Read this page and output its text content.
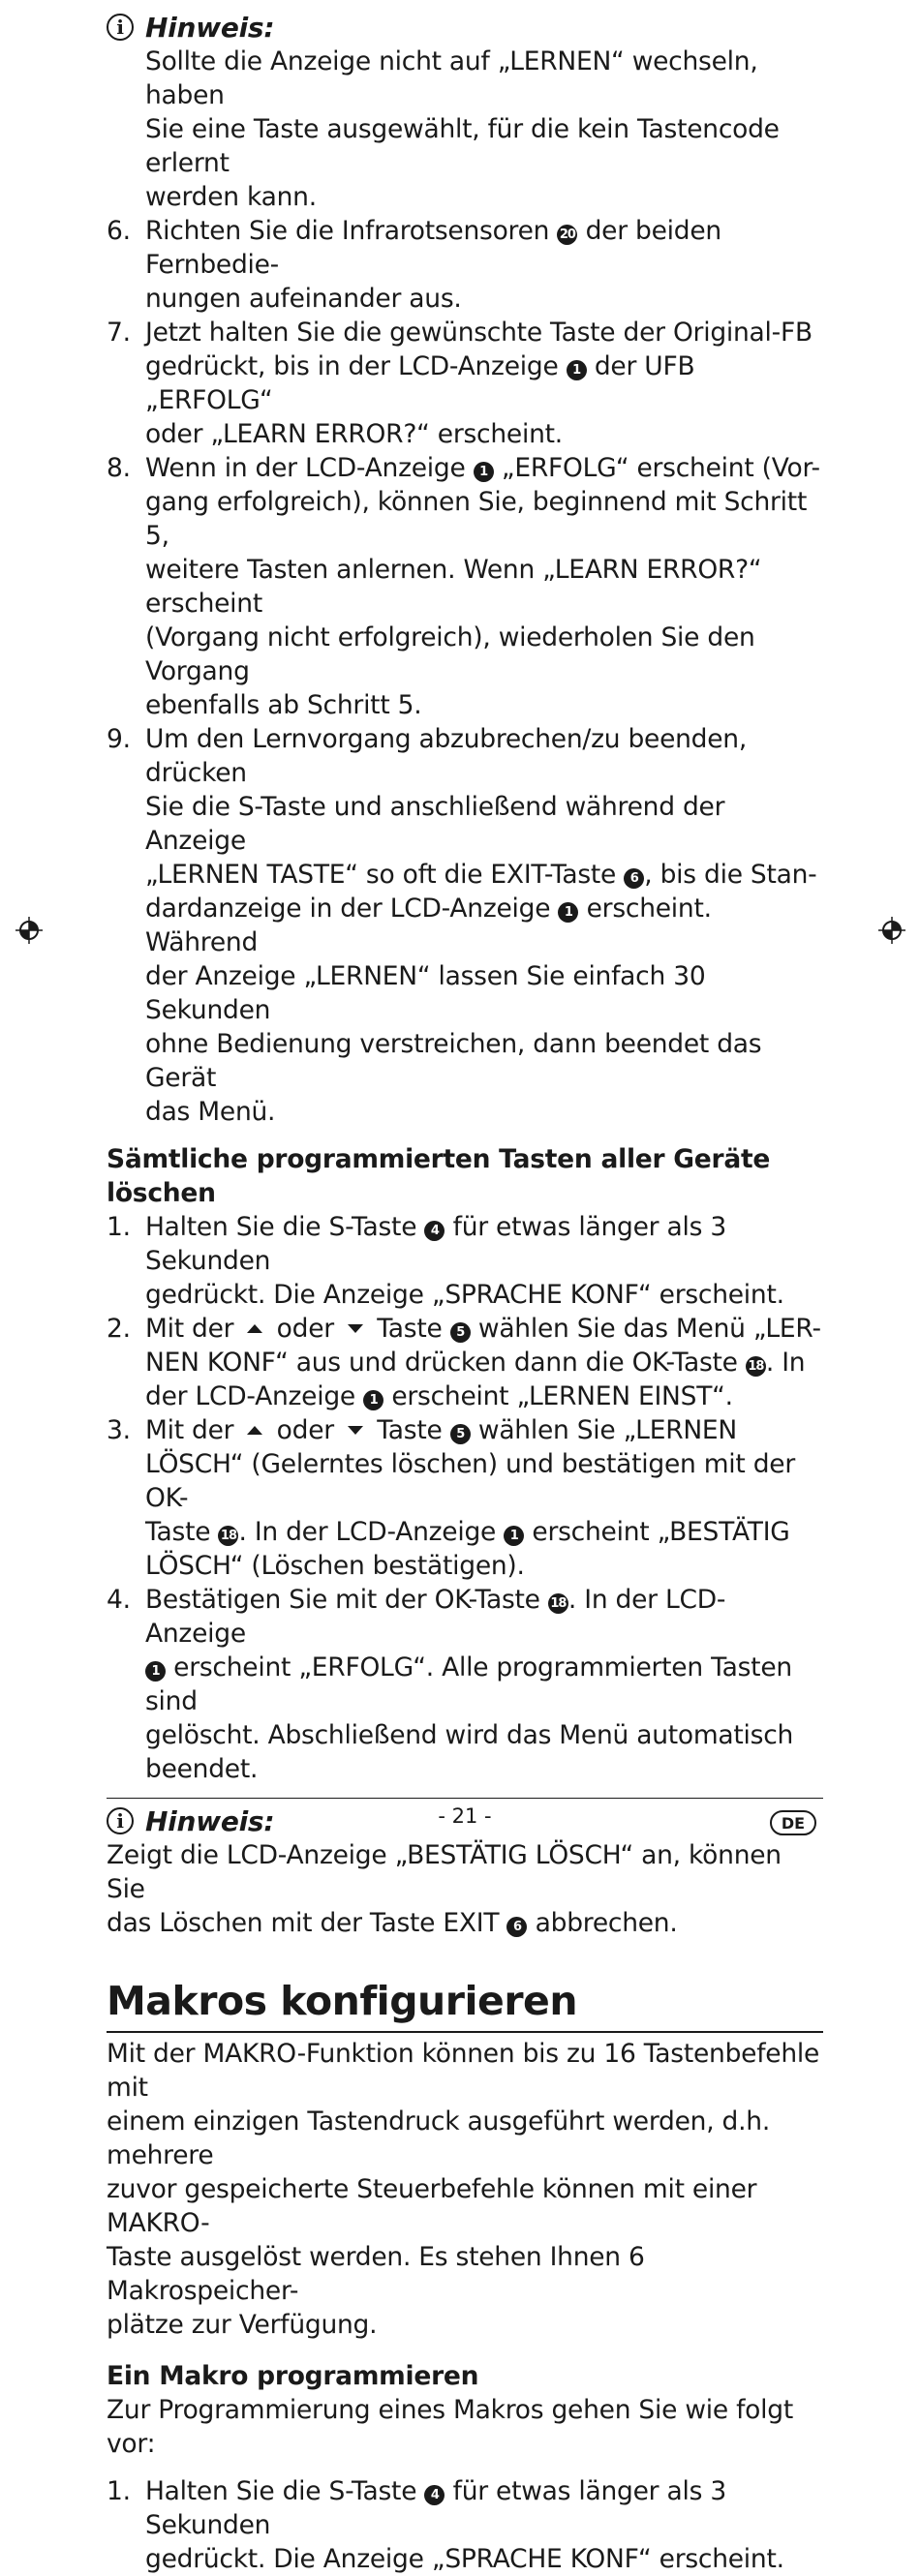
i Hinweis:
Sollte die Anzeige nicht auf „LERNEN“ wechseln, haben
Sie eine Taste ausgewählt, für die kein Tastencode erlernt
werden kann.
6. Richten Sie die Infrarotsensoren 20 der beiden Fernbedie-
nungen aufeinander aus.
7. Jetzt halten Sie die gewünschte Taste der Original-FB
gedrückt, bis in der LCD-Anzeige 1 der UFB „ERFOLG“
oder „LEARN ERROR?“ erscheint.
8. Wenn in der LCD-Anzeige 1 „ERFOLG“ erscheint (Vor-
gang erfolgreich), können Sie, beginnend mit Schritt 5,
weitere Tasten anlernen. Wenn „LEARN ERROR?“ erscheint
(Vorgang nicht erfolgreich), wiederholen Sie den Vorgang
ebenfalls ab Schritt 5.
9. Um den Lernvorgang abzubrechen/zu beenden, drücken
Sie die S-Taste und anschließend während der Anzeige
„LERNEN TASTE“ so oft die EXIT-Taste 6 , bis die Stan-
dardanzeige in der LCD-Anzeige 1 erscheint. Während
der Anzeige „LERNEN“ lassen Sie einfach 30 Sekunden
ohne Bedienung verstreichen, dann beendet das Gerät
das Menü.
Sämtliche programmierten Tasten aller Geräte löschen
1. Halten Sie die S-Taste 4 für etwas länger als 3 Sekunden
gedrückt. Die Anzeige „SPRACHE KONF“ erscheint.
2. Mit der  oder  Taste 5 wählen Sie das Menü „LER-
NEN KONF“ aus und drücken dann die OK-Taste 18. In
der LCD-Anzeige 1 erscheint „LERNEN EINST“.
3. Mit der  oder  Taste 5 wählen Sie „LERNEN
LÖSCH“ (Gelerntes löschen) und bestätigen mit der OK-
Taste 18. In der LCD-Anzeige 1 erscheint „BESTÄTIG
LÖSCH“ (Löschen bestätigen).
4. Bestätigen Sie mit der OK-Taste 18. In der LCD-Anzeige
1 erscheint „ERFOLG“. Alle programmierten Tasten sind
gelöscht. Abschließend wird das Menü automatisch
beendet.
i Hinweis:
Zeigt die LCD-Anzeige „BESTÄTIG LÖSCH“ an, können Sie
das Löschen mit der Taste EXIT 6 abbrechen.
Makros konfigurieren
Mit der MAKRO-Funktion können bis zu 16 Tastenbefehle mit
einem einzigen Tastendruck ausgeführt werden, d.h. mehrere
zuvor gespeicherte Steuerbefehle können mit einer MAKRO-
Taste ausgelöst werden. Es stehen Ihnen 6 Makrospeicher-
plätze zur Verfügung.
Ein Makro programmieren
Zur Programmierung eines Makros gehen Sie wie folgt vor:
1. Halten Sie die S-Taste 4 für etwas länger als 3 Sekunden
gedrückt. Die Anzeige „SPRACHE KONF“ erscheint.
- 21 -	DE
